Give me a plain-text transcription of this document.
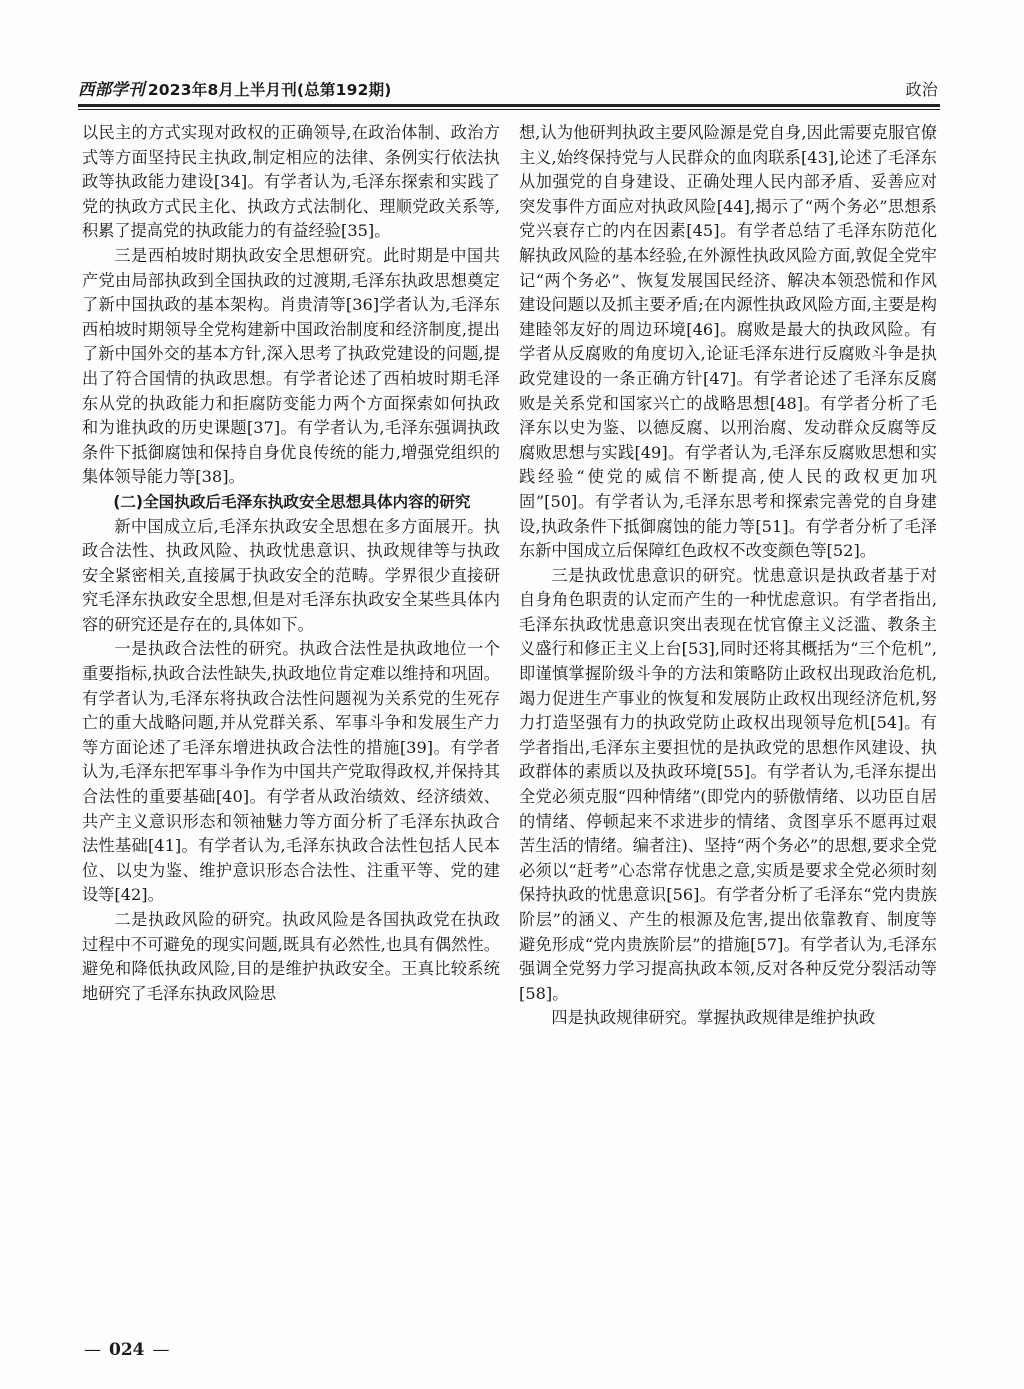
西部学刊 2023年8月上半月刊(总第192期)	政治

以民主的方式实现对政权的正确领导,在政治体制、政治方式等方面坚持民主执政,制定相应的法律、条例实行依法执政等执政能力建设[34]。有学者认为,毛泽东探索和实践了党的执政方式民主化、执政方式法制化、理顺党政关系等,积累了提高党的执政能力的有益经验[35]。

三是西柏坡时期执政安全思想研究。此时期是中国共产党由局部执政到全国执政的过渡期,毛泽东执政思想奠定了新中国执政的基本架构。肖贵清等[36]学者认为,毛泽东西柏坡时期领导全党构建新中国政治制度和经济制度,提出了新中国外交的基本方针,深入思考了执政党建设的问题,提出了符合国情的执政思想。有学者论述了西柏坡时期毛泽东从党的执政能力和拒腐防变能力两个方面探索如何执政和为谁执政的历史课题[37]。有学者认为,毛泽东强调执政条件下抵御腐蚀和保持自身优良传统的能力,增强党组织的集体领导能力等[38]。

(二)全国执政后毛泽东执政安全思想具体内容的研究

新中国成立后,毛泽东执政安全思想在多方面展开。执政合法性、执政风险、执政忧患意识、执政规律等与执政安全紧密相关,直接属于执政安全的范畴。学界很少直接研究毛泽东执政安全思想,但是对毛泽东执政安全某些具体内容的研究还是存在的,具体如下。

一是执政合法性的研究。执政合法性是执政地位一个重要指标,执政合法性缺失,执政地位肯定难以维持和巩固。有学者认为,毛泽东将执政合法性问题视为关系党的生死存亡的重大战略问题,并从党群关系、军事斗争和发展生产力等方面论述了毛泽东增进执政合法性的措施[39]。有学者认为,毛泽东把军事斗争作为中国共产党取得政权,并保持其合法性的重要基础[40]。有学者从政治绩效、经济绩效、共产主义意识形态和领袖魅力等方面分析了毛泽东执政合法性基础[41]。有学者认为,毛泽东执政合法性包括人民本位、以史为鉴、维护意识形态合法性、注重平等、党的建设等[42]。

二是执政风险的研究。执政风险是各国执政党在执政过程中不可避免的现实问题,既具有必然性,也具有偶然性。避免和降低执政风险,目的是维护执政安全。王真比较系统地研究了毛泽东执政风险思

想,认为他研判执政主要风险源是党自身,因此需要克服官僚主义,始终保持党与人民群众的血肉联系[43],论述了毛泽东从加强党的自身建设、正确处理人民内部矛盾、妥善应对突发事件方面应对执政风险[44],揭示了“两个务必”思想系党兴衰存亡的内在因素[45]。有学者总结了毛泽东防范化解执政风险的基本经验,在外源性执政风险方面,敦促全党牢记“两个务必”、恢复发展国民经济、解决本领恐慌和作风建设问题以及抓主要矛盾;在内源性执政风险方面,主要是构建睦邻友好的周边环境[46]。腐败是最大的执政风险。有学者从反腐败的角度切入,论证毛泽东进行反腐败斗争是执政党建设的一条正确方针[47]。有学者论述了毛泽东反腐败是关系党和国家兴亡的战略思想[48]。有学者分析了毛泽东以史为鉴、以德反腐、以刑治腐、发动群众反腐等反腐败思想与实践[49]。有学者认为,毛泽东反腐败思想和实践经验“使党的威信不断提高,使人民的政权更加巩固”[50]。有学者认为,毛泽东思考和探索完善党的自身建设,执政条件下抵御腐蚀的能力等[51]。有学者分析了毛泽东新中国成立后保障红色政权不改变颜色等[52]。

三是执政忧患意识的研究。忧患意识是执政者基于对自身角色职责的认定而产生的一种忧虑意识。有学者指出,毛泽东执政忧患意识突出表现在忧官僚主义泛滥、教条主义盛行和修正主义上台[53],同时还将其概括为“三个危机”,即谨慎掌握阶级斗争的方法和策略防止政权出现政治危机,竭力促进生产事业的恢复和发展防止政权出现经济危机,努力打造坚强有力的执政党防止政权出现领导危机[54]。有学者指出,毛泽东主要担忧的是执政党的思想作风建设、执政群体的素质以及执政环境[55]。有学者认为,毛泽东提出全党必须克服“四种情绪”(即党内的骄傲情绪、以功臣自居的情绪、停顿起来不求进步的情绪、贪图享乐不愿再过艰苦生活的情绪。编者注)、坚持“两个务必”的思想,要求全党必须以“赶考”心态常存忧患之意,实质是要求全党必须时刻保持执政的忧患意识[56]。有学者分析了毛泽东“党内贵族阶层”的涵义、产生的根源及危害,提出依靠教育、制度等避免形成“党内贵族阶层”的措施[57]。有学者认为,毛泽东强调全党努力学习提高执政本领,反对各种反党分裂活动等[58]。

四是执政规律研究。掌握执政规律是维护执政

— 024 —
